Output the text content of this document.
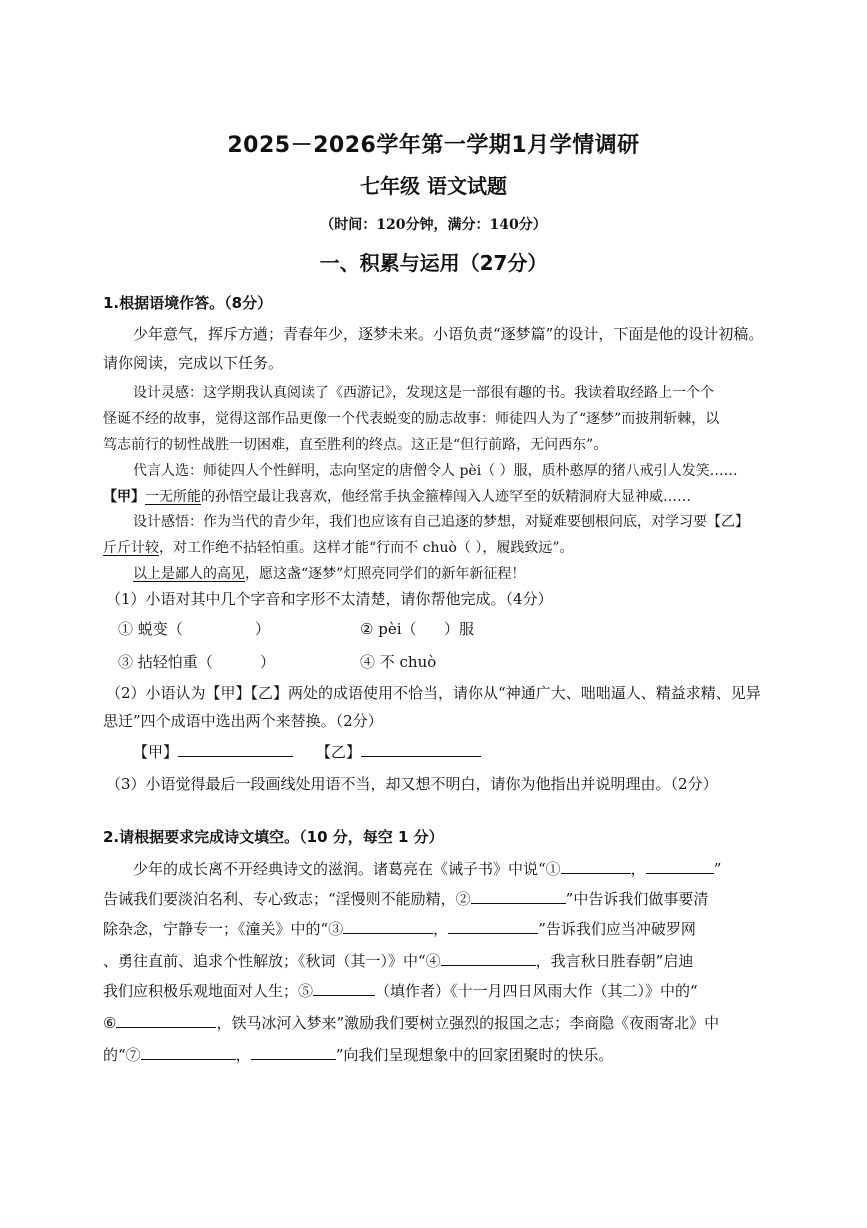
2025－2026学年第一学期1月学情调研
七年级 语文试题
（时间：120分钟，满分：140分）
一、积累与运用（27分）
1.根据语境作答。（8分）
少年意气，挥斥方遒；青春年少，逐梦未来。小语负责“逐梦篇”的设计，下面是他的设计初稿。
请你阅读，完成以下任务。
设计灵感：这学期我认真阅读了《西游记》，发现这是一部很有趣的书。我读着取经路上一个个
怪诞不经的故事，觉得这部作品更像一个代表蜕变的励志故事：师徒四人为了“逐梦”而披荆斩棘，以
笃志前行的韧性战胜一切困难，直至胜利的终点。这正是“但行前路，无问西东”。
代言人选：师徒四人个性鲜明，志向坚定的唐僧令人 pèi（ ）服，质朴憨厚的猪八戒引人发笑……
【甲】一无所能的孙悟空最让我喜欢，他经常手执金箍棒闯入人迹罕至的妖精洞府大显神威……
设计感悟：作为当代的青少年，我们也应该有自己追逐的梦想，对疑难要刨根问底，对学习要【乙】
斤斤计较，对工作绝不拈轻怕重。这样才能“行而不 chuò（ ），履践致远”。
以上是鄙人的高见，愿这盏“逐梦”灯照亮同学们的新年新征程！
（1）小语对其中几个字音和字形不太清楚，请你帮他完成。（4分）
① 蜕变（	）	② pèi（ ）服
③ 拈轻怕重（	）	④ 不 chuò
（2）小语认为【甲】【乙】两处的成语使用不恰当，请你从“神通广大、咄咄逼人、精益求精、见异
思迁”四个成语中选出两个来替换。（2分）
【甲】	【乙】
（3）小语觉得最后一段画线处用语不当，却又想不明白，请你为他指出并说明理由。（2分）
2.请根据要求完成诗文填空。（10 分，每空 1 分）
少年的成长离不开经典诗文的滋润。诸葛亮在《诫子书》中说“①	，	”
告诫我们要淡泊名利、专心致志；“淫慢则不能励精，②	”中告诉我们做事要清
除杂念，宁静专一；《潼关》中的“③	，	”告诉我们应当冲破罗网
、勇往直前、追求个性解放；《秋词（其一）》中“④	，我言秋日胜春朝”启迪
我们应积极乐观地面对人生；⑤	（填作者）《十一月四日风雨大作（其二）》中的“
⑥	，铁马冰河入梦来”激励我们要树立强烈的报国之志；李商隐《夜雨寄北》中
的“⑦	，	”向我们呈现想象中的回家团聚时的快乐。
